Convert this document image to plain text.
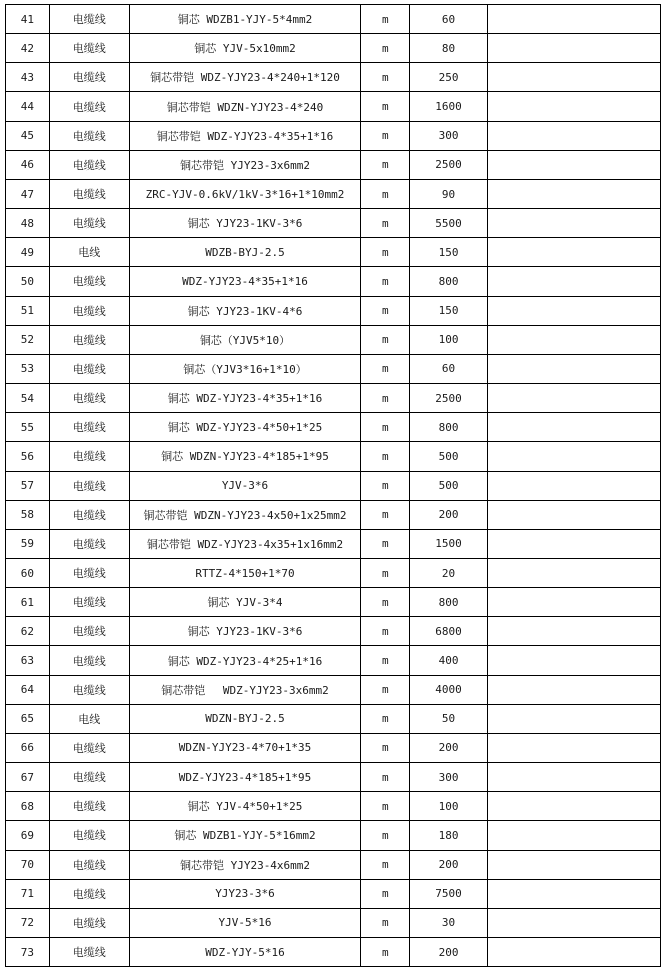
41	电缆线	铜芯 WDZB1-YJY-5*4mm2	m	60	
42	电缆线	铜芯 YJV-5x10mm2	m	80	
43	电缆线	铜芯带铠 WDZ-YJY23-4*240+1*120	m	250	
44	电缆线	铜芯带铠 WDZN-YJY23-4*240	m	1600	
45	电缆线	铜芯带铠 WDZ-YJY23-4*35+1*16	m	300	
46	电缆线	铜芯带铠 YJY23-3x6mm2	m	2500	
47	电缆线	ZRC-YJV-0.6kV/1kV-3*16+1*10mm2	m	90	
48	电缆线	铜芯 YJY23-1KV-3*6	m	5500	
49	电线	WDZB-BYJ-2.5	m	150	
50	电缆线	WDZ-YJY23-4*35+1*16	m	800	
51	电缆线	铜芯 YJY23-1KV-4*6	m	150	
52	电缆线	铜芯（YJV5*10）	m	100	
53	电缆线	铜芯（YJV3*16+1*10）	m	60	
54	电缆线	铜芯 WDZ-YJY23-4*35+1*16	m	2500	
55	电缆线	铜芯 WDZ-YJY23-4*50+1*25	m	800	
56	电缆线	铜芯 WDZN-YJY23-4*185+1*95	m	500	
57	电缆线	YJV-3*6	m	500	
58	电缆线	铜芯带铠 WDZN-YJY23-4x50+1x25mm2	m	200	
59	电缆线	铜芯带铠 WDZ-YJY23-4x35+1x16mm2	m	1500	
60	电缆线	RTTZ-4*150+1*70	m	20	
61	电缆线	铜芯 YJV-3*4	m	800	
62	电缆线	铜芯 YJY23-1KV-3*6	m	6800	
63	电缆线	铜芯 WDZ-YJY23-4*25+1*16	m	400	
64	电缆线	铜芯带铠　 WDZ-YJY23-3x6mm2	m	4000	
65	电线	WDZN-BYJ-2.5	m	50	
66	电缆线	WDZN-YJY23-4*70+1*35	m	200	
67	电缆线	WDZ-YJY23-4*185+1*95	m	300	
68	电缆线	铜芯 YJV-4*50+1*25	m	100	
69	电缆线	铜芯 WDZB1-YJY-5*16mm2	m	180	
70	电缆线	铜芯带铠 YJY23-4x6mm2	m	200	
71	电缆线	YJY23-3*6	m	7500	
72	电缆线	YJV-5*16	m	30	
73	电缆线	WDZ-YJY-5*16	m	200	
